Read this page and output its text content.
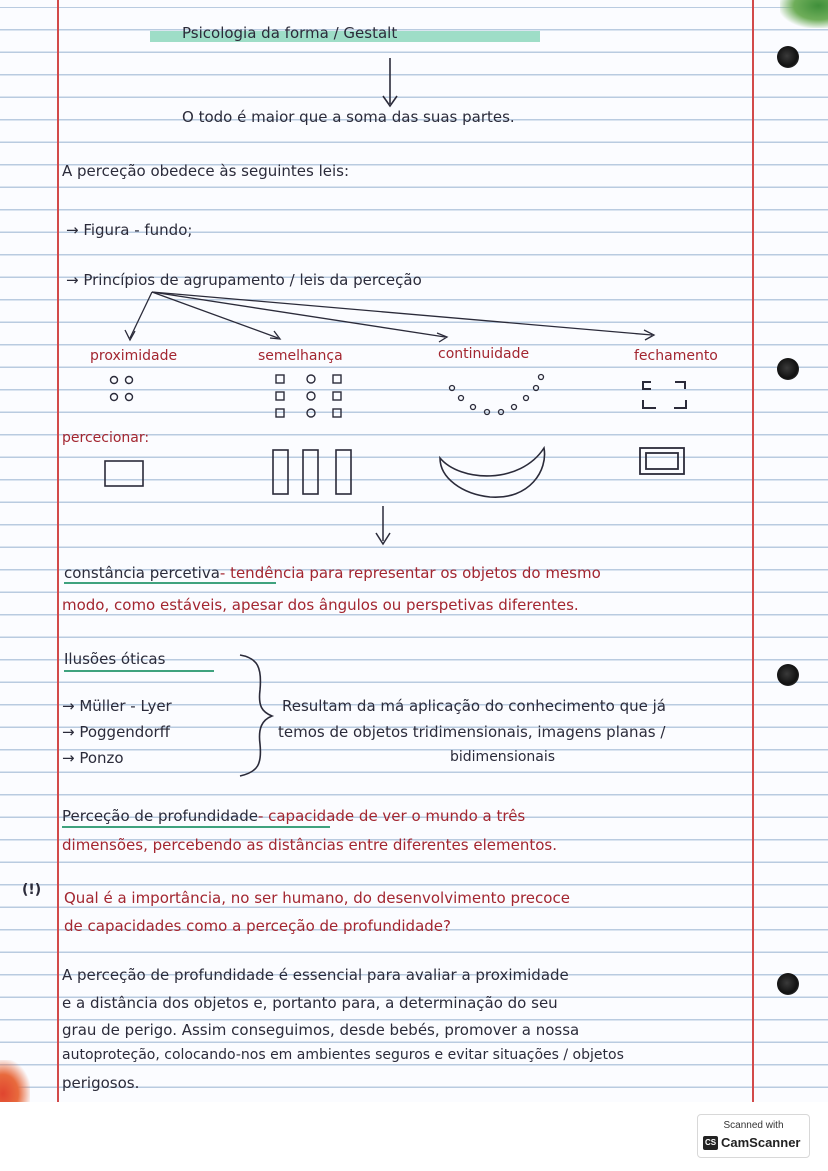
Psicologia da forma / Gestalt
O todo é maior que a soma das suas partes.
A perceção obedece às seguintes leis:
→ Figura - fundo;
→ Princípios de agrupamento / leis da perceção
proximidade	semelhança	continuidade	fechamento
percecionar:
constância percetiva- tendência para representar os objetos do mesmo
modo, como estáveis, apesar dos ângulos ou perspetivas diferentes.
Ilusões óticas
→ Müller - Lyer
→ Poggendorff
→ Ponzo
Resultam da má aplicação do conhecimento que já
temos de objetos tridimensionais, imagens planas /
bidimensionais
Perceção de profundidade- capacidade de ver o mundo a três
dimensões, percebendo as distâncias entre diferentes elementos.
(!) Qual é a importância, no ser humano, do desenvolvimento precoce
de capacidades como a perceção de profundidade?
A perceção de profundidade é essencial para avaliar a proximidade
e a distância dos objetos e, portanto para, a determinação do seu
grau de perigo. Assim conseguimos, desde bebés, promover a nossa
autoproteção, colocando-nos em ambientes seguros e evitar situações / objetos
perigosos.
Scanned with
CS CamScanner
